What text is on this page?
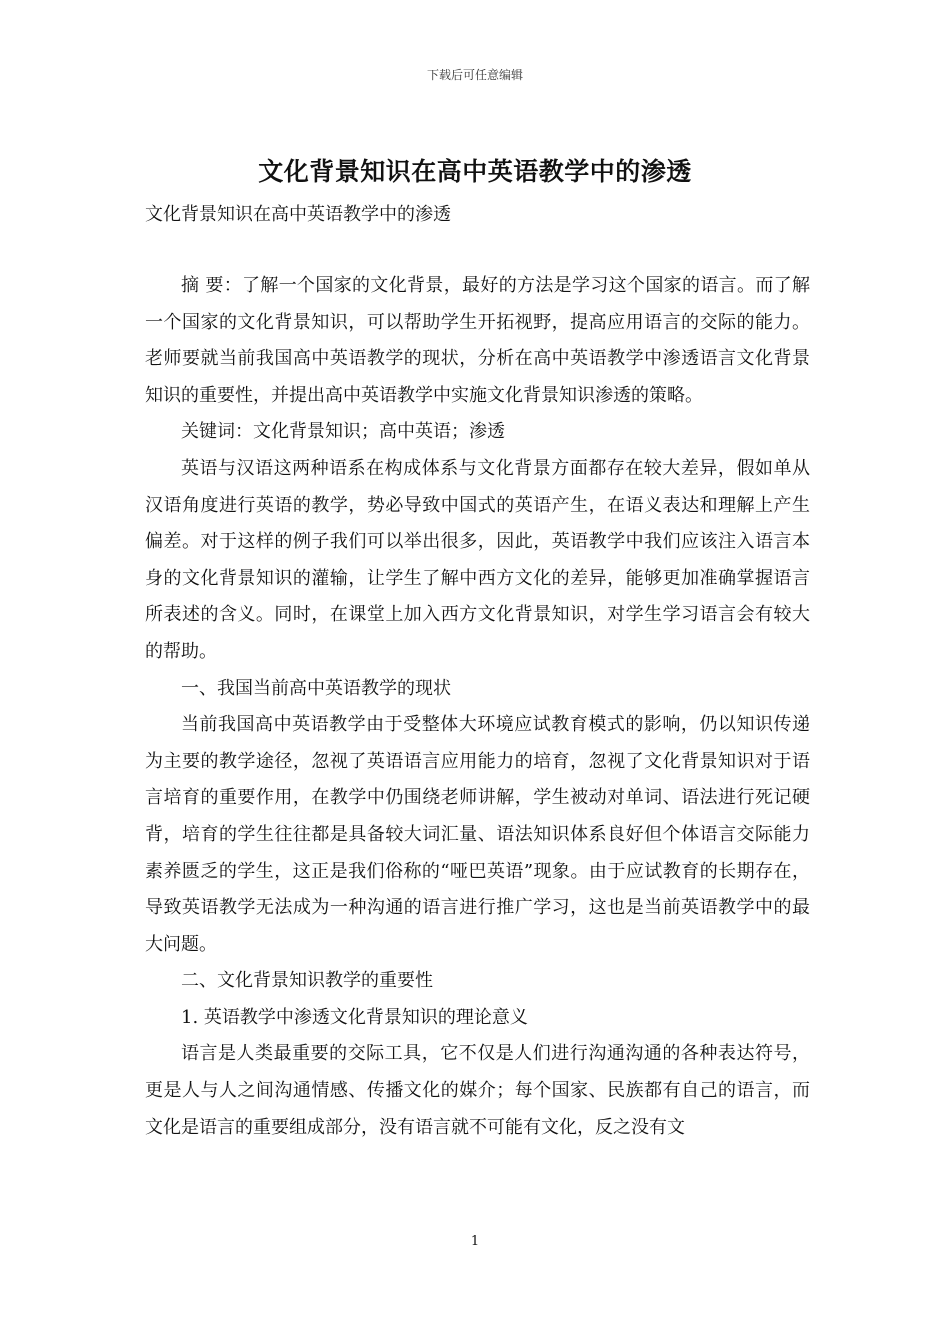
下载后可任意编辑
文化背景知识在高中英语教学中的渗透

文化背景知识在高中英语教学中的渗透

摘 要：了解一个国家的文化背景，最好的方法是学习这个国家的语言。而了解一个国家的文化背景知识，可以帮助学生开拓视野，提高应用语言的交际的能力。老师要就当前我国高中英语教学的现状，分析在高中英语教学中渗透语言文化背景知识的重要性，并提出高中英语教学中实施文化背景知识渗透的策略。

关键词：文化背景知识；高中英语；渗透

英语与汉语这两种语系在构成体系与文化背景方面都存在较大差异，假如单从汉语角度进行英语的教学，势必导致中国式的英语产生，在语义表达和理解上产生偏差。对于这样的例子我们可以举出很多，因此，英语教学中我们应该注入语言本身的文化背景知识的灌输，让学生了解中西方文化的差异，能够更加准确掌握语言所表述的含义。同时，在课堂上加入西方文化背景知识，对学生学习语言会有较大的帮助。

一、我国当前高中英语教学的现状

当前我国高中英语教学由于受整体大环境应试教育模式的影响，仍以知识传递为主要的教学途径，忽视了英语语言应用能力的培育，忽视了文化背景知识对于语言培育的重要作用，在教学中仍围绕老师讲解，学生被动对单词、语法进行死记硬背，培育的学生往往都是具备较大词汇量、语法知识体系良好但个体语言交际能力素养匮乏的学生，这正是我们俗称的“哑巴英语”现象。由于应试教育的长期存在，导致英语教学无法成为一种沟通的语言进行推广学习，这也是当前英语教学中的最大问题。

二、文化背景知识教学的重要性

1. 英语教学中渗透文化背景知识的理论意义

语言是人类最重要的交际工具，它不仅是人们进行沟通沟通的各种表达符号，更是人与人之间沟通情感、传播文化的媒介；每个国家、民族都有自己的语言，而文化是语言的重要组成部分，没有语言就不可能有文化，反之没有文

1
